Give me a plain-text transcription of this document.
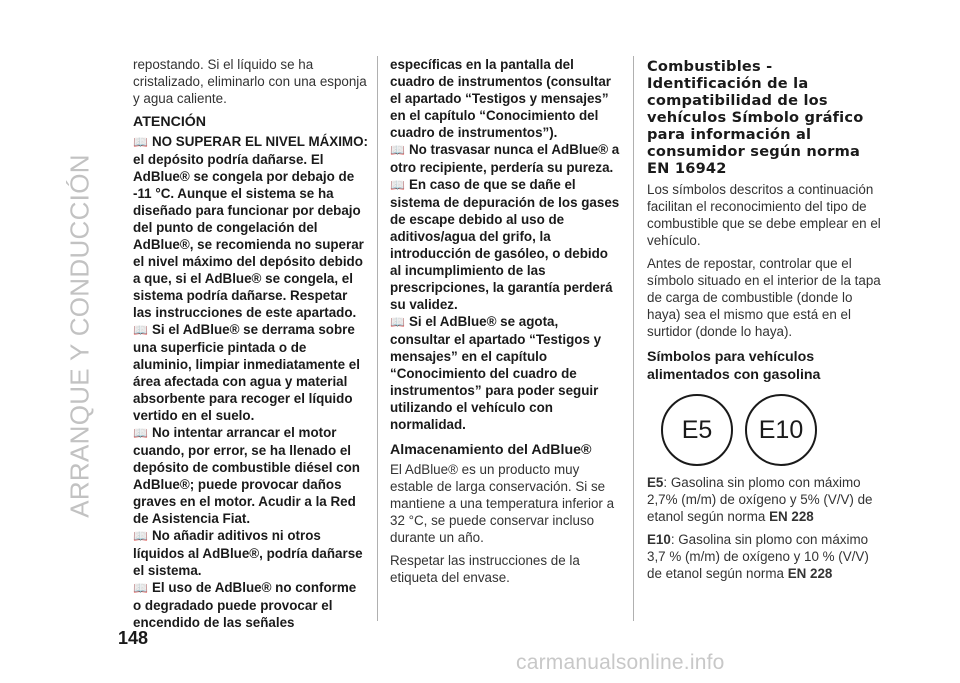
ARRANQUE Y CONDUCCIÓN
148

repostando. Si el líquido se ha cristalizado, eliminarlo con una esponja y agua caliente.

ATENCIÓN

📖 NO SUPERAR EL NIVEL MÁXIMO: el depósito podría dañarse. El AdBlue® se congela por debajo de -11 °C. Aunque el sistema se ha diseñado para funcionar por debajo del punto de congelación del AdBlue®, se recomienda no superar el nivel máximo del depósito debido a que, si el AdBlue® se congela, el sistema podría dañarse. Respetar las instrucciones de este apartado.

📖 Si el AdBlue® se derrama sobre una superficie pintada o de aluminio, limpiar inmediatamente el área afectada con agua y material absorbente para recoger el líquido vertido en el suelo.

📖 No intentar arrancar el motor cuando, por error, se ha llenado el depósito de combustible diésel con AdBlue®; puede provocar daños graves en el motor. Acudir a la Red de Asistencia Fiat.

📖 No añadir aditivos ni otros líquidos al AdBlue®, podría dañarse el sistema.

📖 El uso de AdBlue® no conforme o degradado puede provocar el encendido de las señales

específicas en la pantalla del cuadro de instrumentos (consultar el apartado “Testigos y mensajes” en el capítulo “Conocimiento del cuadro de instrumentos”).

📖 No trasvasar nunca el AdBlue® a otro recipiente, perdería su pureza.

📖 En caso de que se dañe el sistema de depuración de los gases de escape debido al uso de aditivos/agua del grifo, la introducción de gasóleo, o debido al incumplimiento de las prescripciones, la garantía perderá su validez.

📖 Si el AdBlue® se agota, consultar el apartado “Testigos y mensajes” en el capítulo “Conocimiento del cuadro de instrumentos” para poder seguir utilizando el vehículo con normalidad.

Almacenamiento del AdBlue®

El AdBlue® es un producto muy estable de larga conservación. Si se mantiene a una temperatura inferior a 32 °C, se puede conservar incluso durante un año.

Respetar las instrucciones de la etiqueta del envase.

Combustibles - Identificación de la compatibilidad de los vehículos Símbolo gráfico para información al consumidor según norma EN 16942

Los símbolos descritos a continuación facilitan el reconocimiento del tipo de combustible que se debe emplear en el vehículo.

Antes de repostar, controlar que el símbolo situado en el interior de la tapa de carga de combustible (donde lo haya) sea el mismo que está en el surtidor (donde lo haya).

Símbolos para vehículos alimentados con gasolina
E5	E10

E5: Gasolina sin plomo con máximo 2,7% (m/m) de oxígeno y 5% (V/V) de etanol según norma EN 228

E10: Gasolina sin plomo con máximo 3,7 % (m/m) de oxígeno y 10 % (V/V) de etanol según norma EN 228

carmanualsonline.info
